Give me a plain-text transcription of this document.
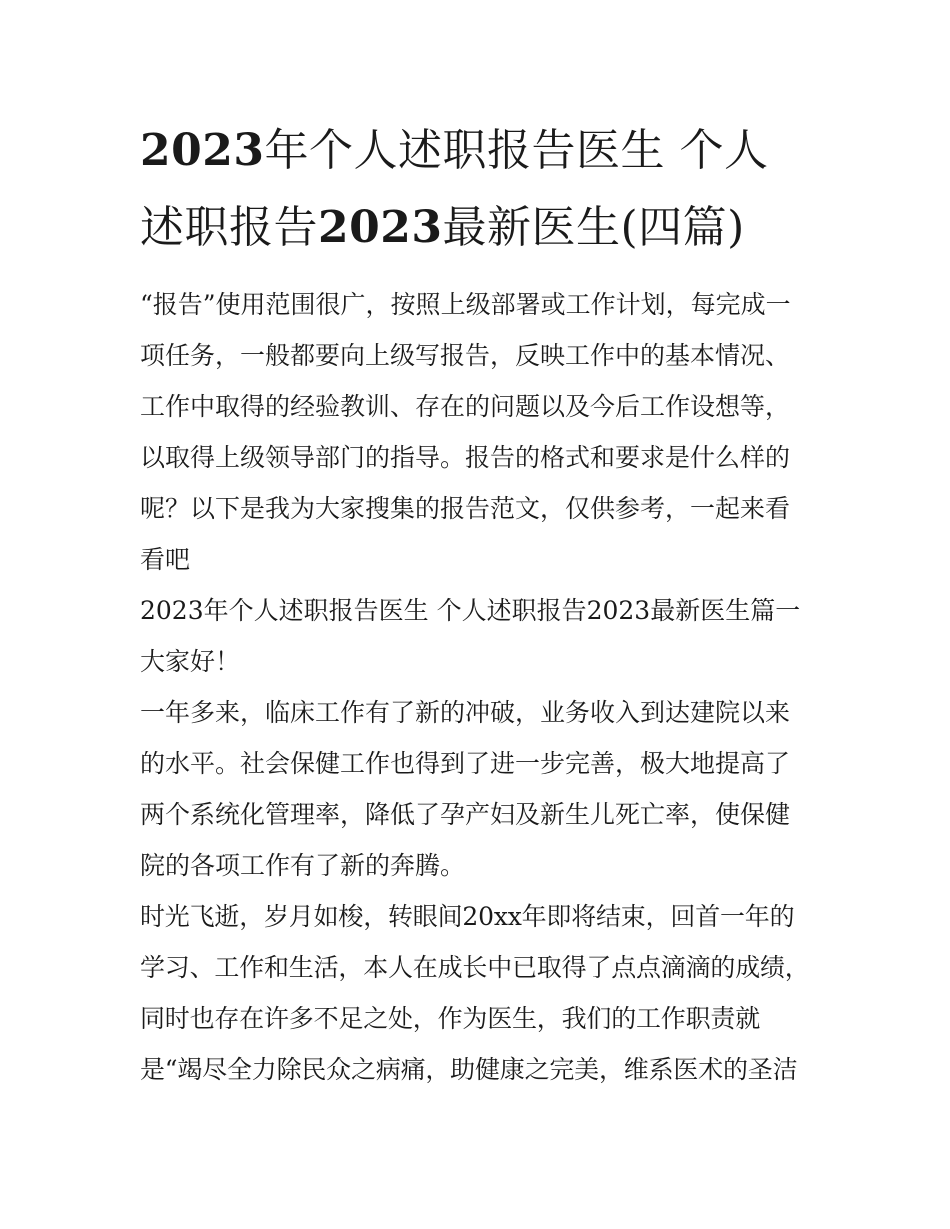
2023年个人述职报告医生 个人述职报告2023最新医生(四篇)

“报告”使用范围很广，按照上级部署或工作计划，每完成一项任务，一般都要向上级写报告，反映工作中的基本情况、工作中取得的经验教训、存在的问题以及今后工作设想等，以取得上级领导部门的指导。报告的格式和要求是什么样的呢？以下是我为大家搜集的报告范文，仅供参考，一起来看看吧

2023年个人述职报告医生 个人述职报告2023最新医生篇一 大家好！

一年多来，临床工作有了新的冲破，业务收入到达建院以来的水平。社会保健工作也得到了进一步完善，极大地提高了两个系统化管理率，降低了孕产妇及新生儿死亡率，使保健院的各项工作有了新的奔腾。

时光飞逝，岁月如梭，转眼间20xx年即将结束，回首一年的学习、工作和生活，本人在成长中已取得了点点滴滴的成绩，同时也存在许多不足之处，作为医生，我们的工作职责就是“竭尽全力除民众之病痛，助健康之完美，维系医术的圣洁
